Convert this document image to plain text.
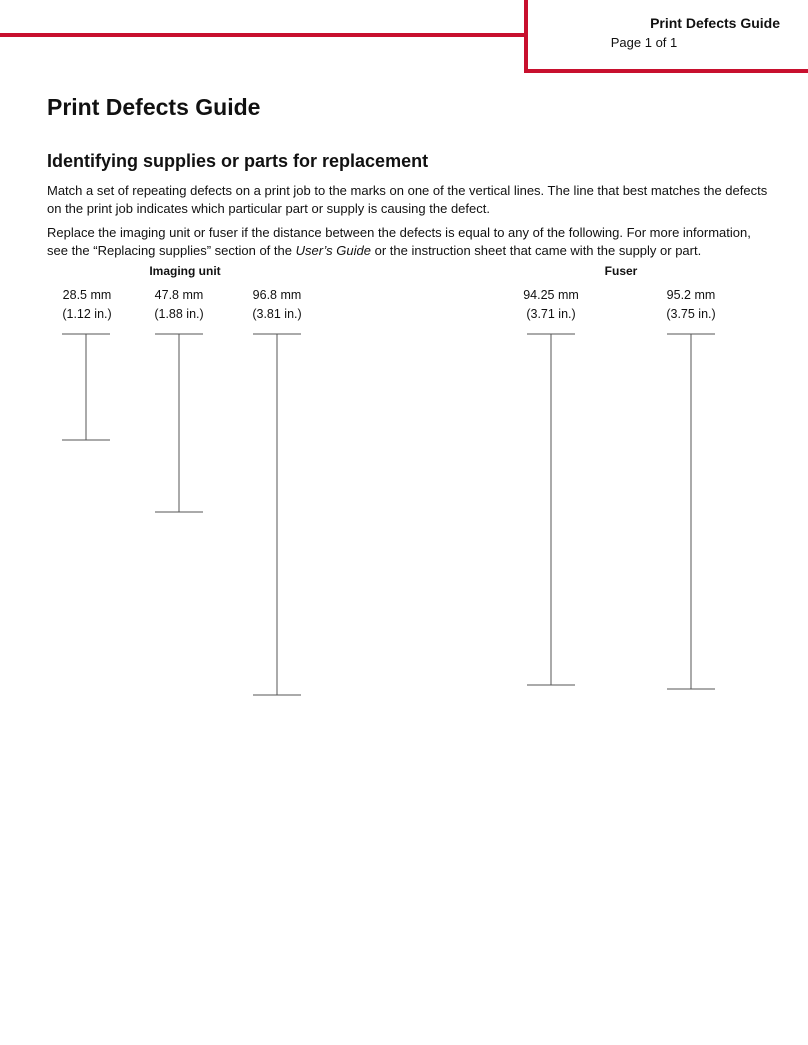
Print Defects Guide
Page 1 of 1
Print Defects Guide
Identifying supplies or parts for replacement

Match a set of repeating defects on a print job to the marks on one of the vertical lines. The line that best matches the defects on the print job indicates which particular part or supply is causing the defect.

Replace the imaging unit or fuser if the distance between the defects is equal to any of the following. For more information, see the “Replacing supplies” section of the User’s Guide or the instruction sheet that came with the supply or part.

Imaging unit	Fuser
28.5 mm
(1.12 in.)
47.8 mm
(1.88 in.)
96.8 mm
(3.81 in.)
94.25 mm
(3.71 in.)
95.2 mm
(3.75 in.)
